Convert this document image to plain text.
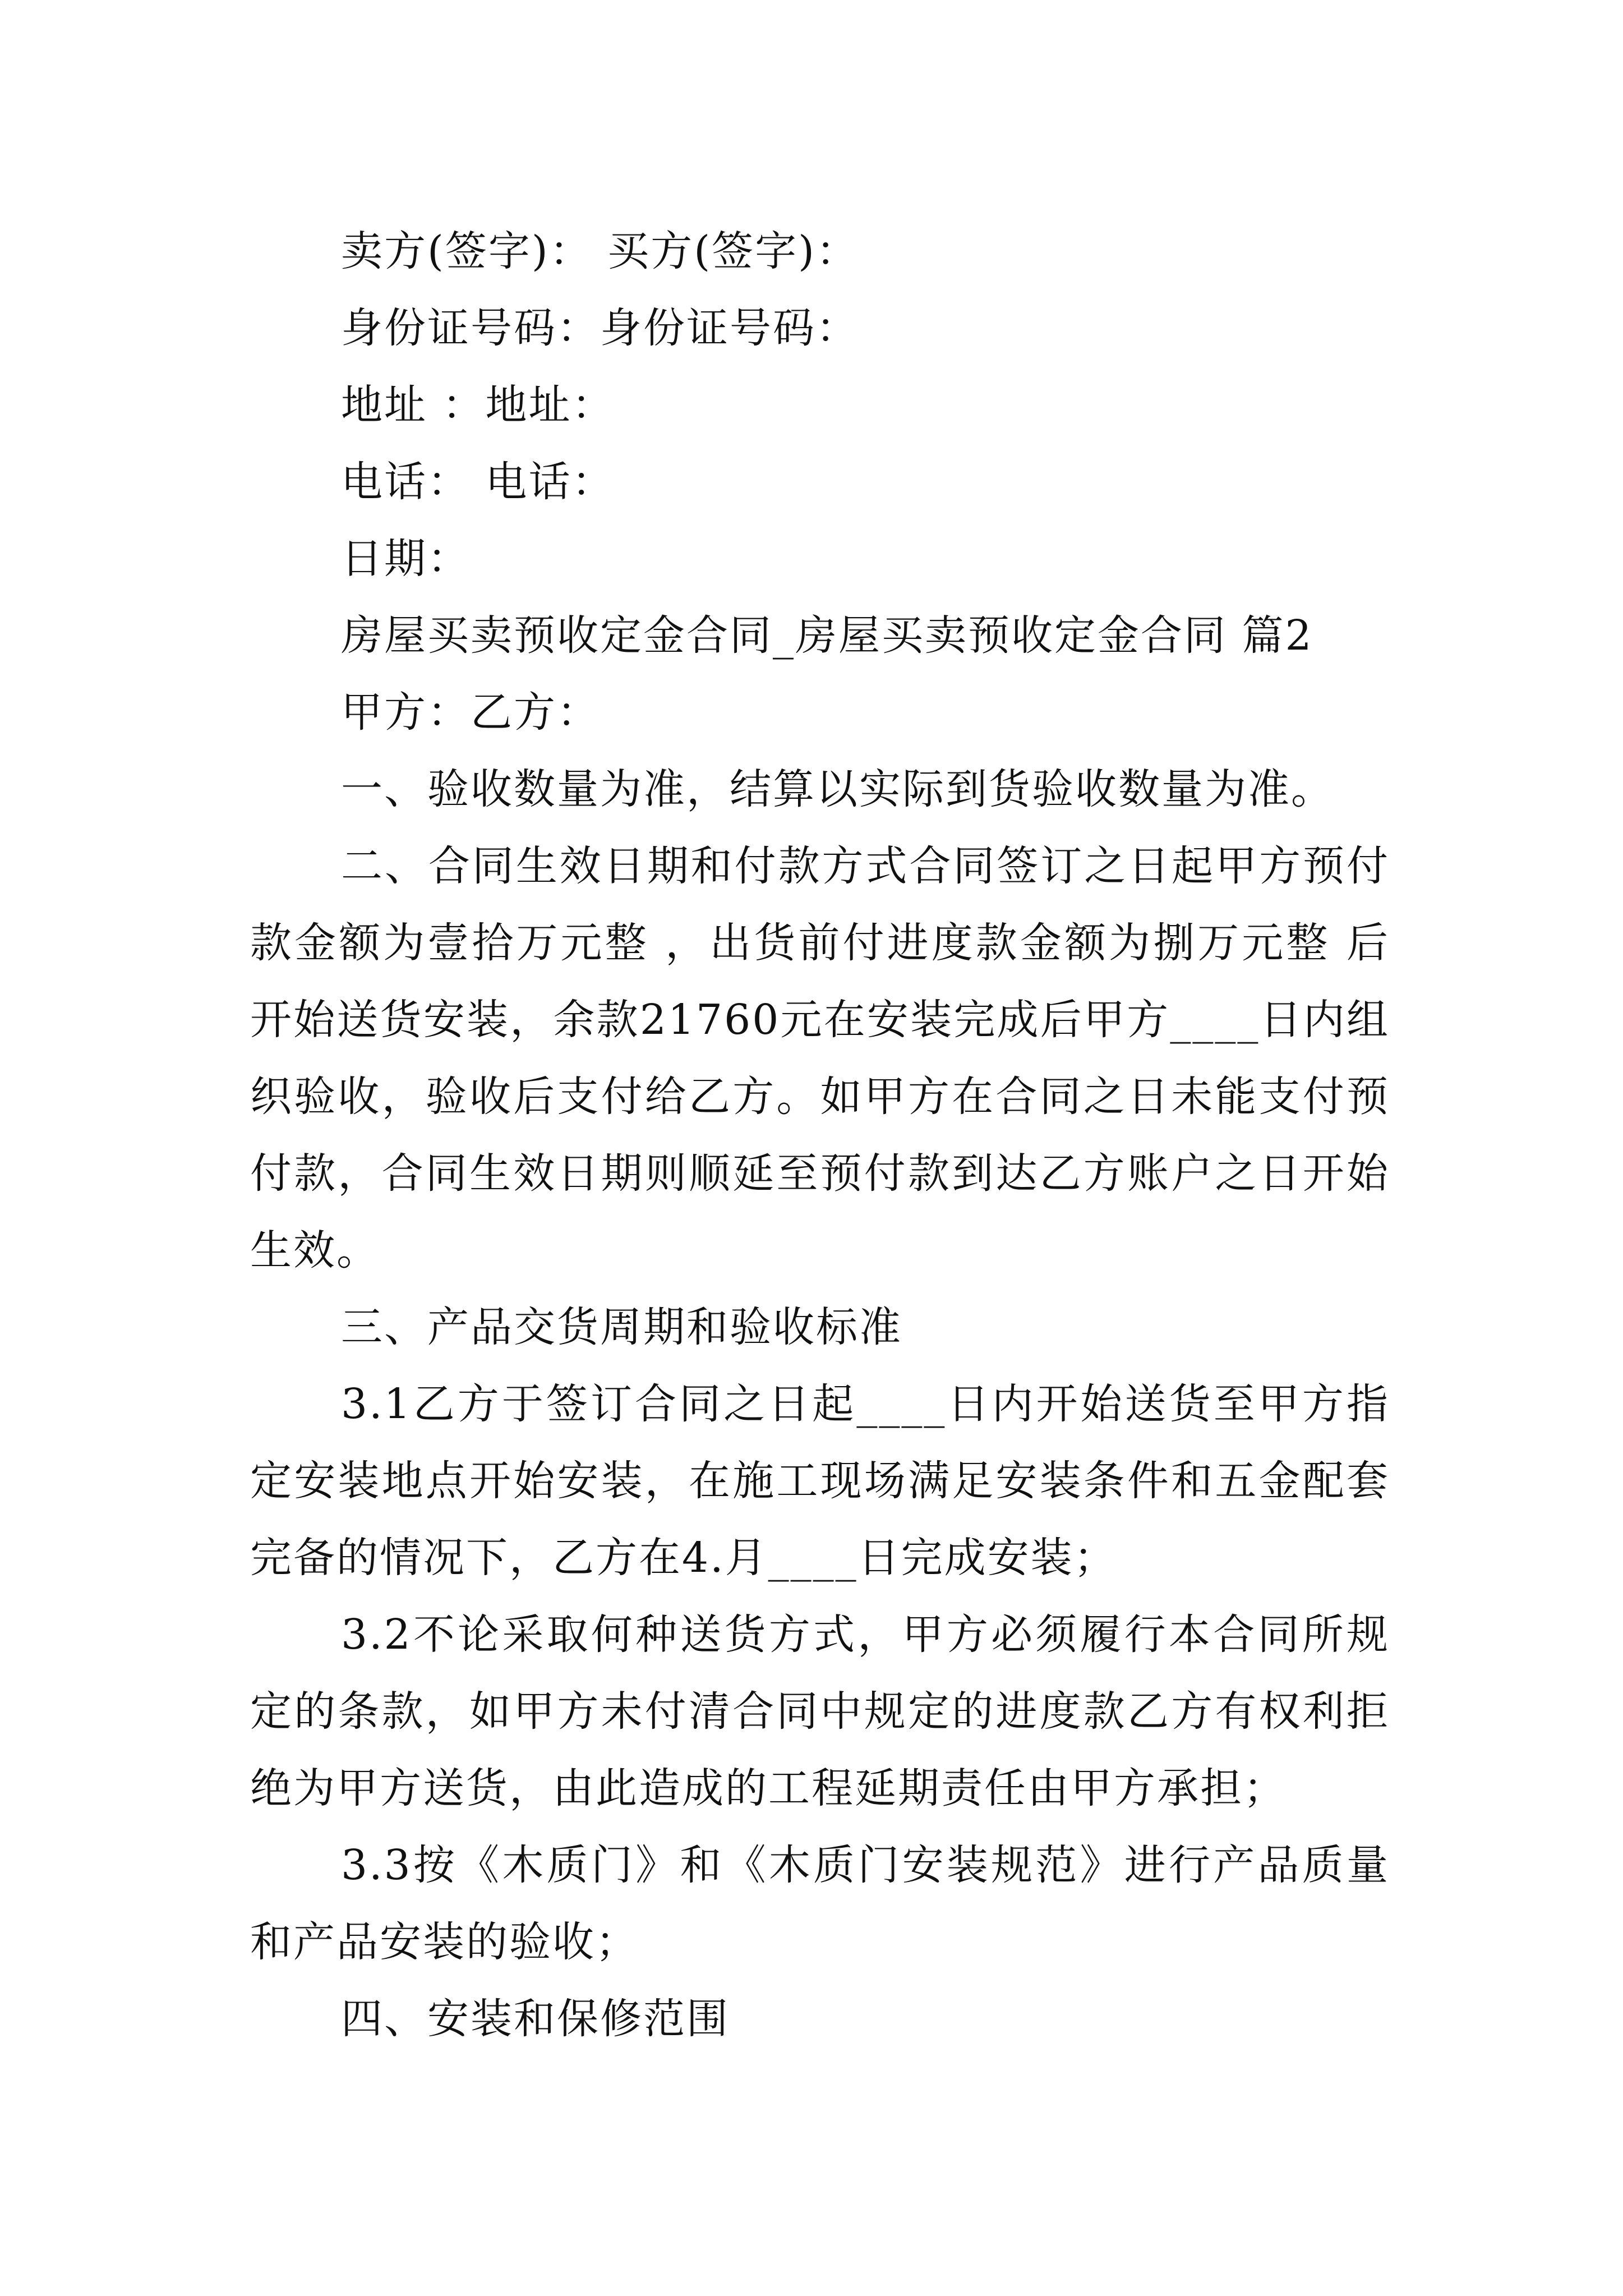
卖方(签字)： 买方(签字)：

身份证号码：身份证号码：

地址 ：地址：

电话： 电话：

日期：

房屋买卖预收定金合同_房屋买卖预收定金合同 篇2

甲方：乙方：

一、验收数量为准，结算以实际到货验收数量为准。

二、合同生效日期和付款方式合同签订之日起甲方预付款金额为壹拾万元整 ，出货前付进度款金额为捌万元整 后开始送货安装，余款21760元在安装完成后甲方____日内组织验收，验收后支付给乙方。如甲方在合同之日未能支付预付款，合同生效日期则顺延至预付款到达乙方账户之日开始生效。

三、产品交货周期和验收标准

3.1乙方于签订合同之日起____日内开始送货至甲方指定安装地点开始安装，在施工现场满足安装条件和五金配套完备的情况下，乙方在4.月____日完成安装；

3.2不论采取何种送货方式，甲方必须履行本合同所规定的条款，如甲方未付清合同中规定的进度款乙方有权利拒绝为甲方送货，由此造成的工程延期责任由甲方承担；

3.3按《木质门》和《木质门安装规范》进行产品质量和产品安装的验收；

四、安装和保修范围
